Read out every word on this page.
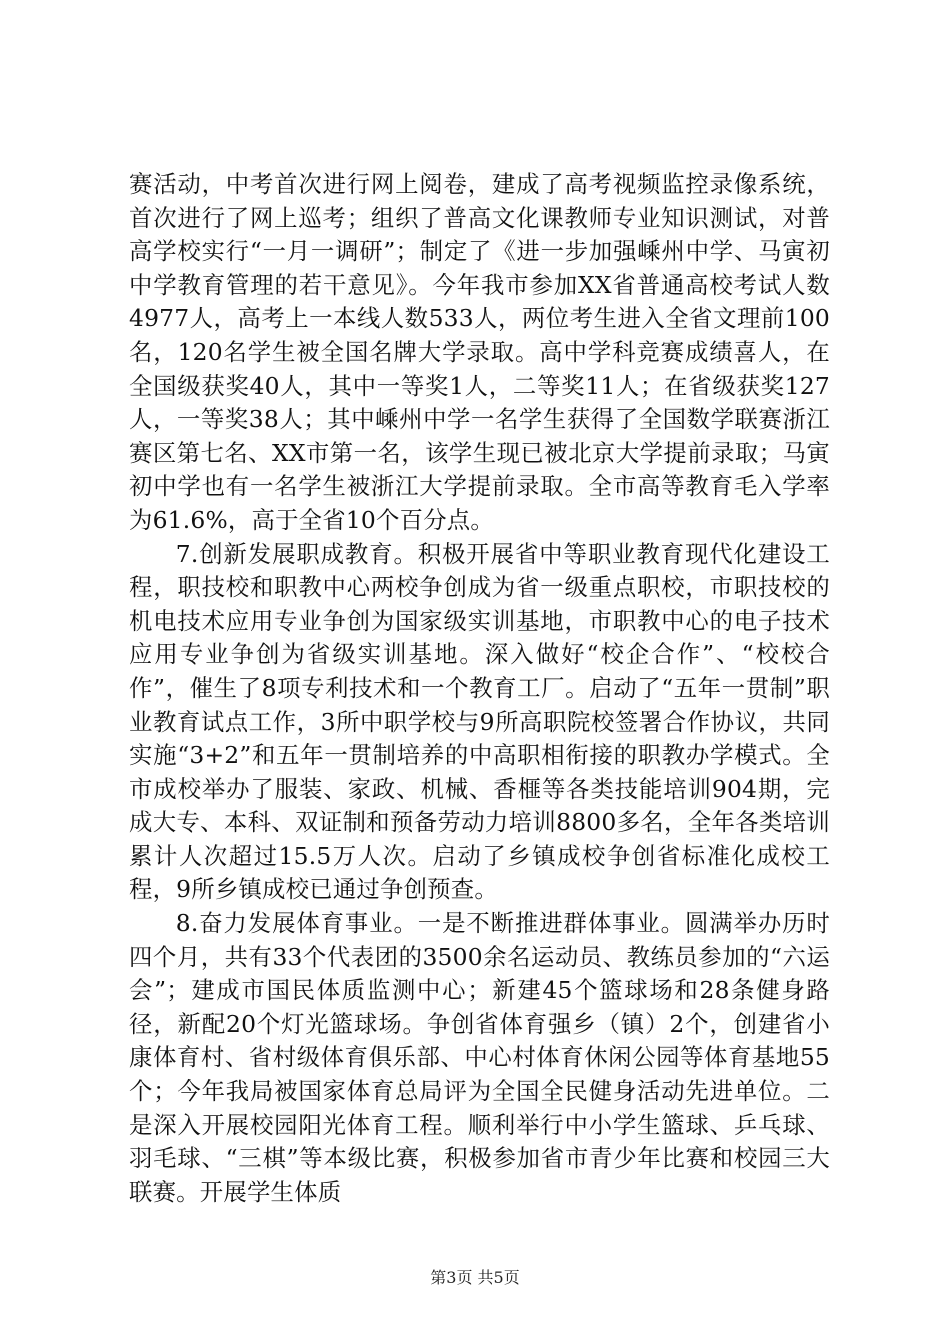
赛活动，中考首次进行网上阅卷，建成了高考视频监控录像系统，首次进行了网上巡考；组织了普高文化课教师专业知识测试，对普高学校实行“一月一调研”；制定了《进一步加强嵊州中学、马寅初中学教育管理的若干意见》。今年我市参加XX省普通高校考试人数4977人，高考上一本线人数533人，两位考生进入全省文理前100名，120名学生被全国名牌大学录取。高中学科竞赛成绩喜人，在全国级获奖40人，其中一等奖1人，二等奖11人；在省级获奖127人，一等奖38人；其中嵊州中学一名学生获得了全国数学联赛浙江赛区第七名、XX市第一名，该学生现已被北京大学提前录取；马寅初中学也有一名学生被浙江大学提前录取。全市高等教育毛入学率为61.6%，高于全省10个百分点。

7.创新发展职成教育。积极开展省中等职业教育现代化建设工程，职技校和职教中心两校争创成为省一级重点职校，市职技校的机电技术应用专业争创为国家级实训基地，市职教中心的电子技术应用专业争创为省级实训基地。深入做好“校企合作”、“校校合作”，催生了8项专利技术和一个教育工厂。启动了“五年一贯制”职业教育试点工作，3所中职学校与9所高职院校签署合作协议，共同实施“3+2”和五年一贯制培养的中高职相衔接的职教办学模式。全市成校举办了服装、家政、机械、香榧等各类技能培训904期，完成大专、本科、双证制和预备劳动力培训8800多名，全年各类培训累计人次超过15.5万人次。启动了乡镇成校争创省标准化成校工程，9所乡镇成校已通过争创预查。

8.奋力发展体育事业。一是不断推进群体事业。圆满举办历时四个月，共有33个代表团的3500余名运动员、教练员参加的“六运会”；建成市国民体质监测中心；新建45个篮球场和28条健身路径，新配20个灯光篮球场。争创省体育强乡（镇）2个，创建省小康体育村、省村级体育俱乐部、中心村体育休闲公园等体育基地55个；今年我局被国家体育总局评为全国全民健身活动先进单位。二是深入开展校园阳光体育工程。顺利举行中小学生篮球、乒乓球、羽毛球、“三棋”等本级比赛，积极参加省市青少年比赛和校园三大联赛。开展学生体质

第3页 共5页
